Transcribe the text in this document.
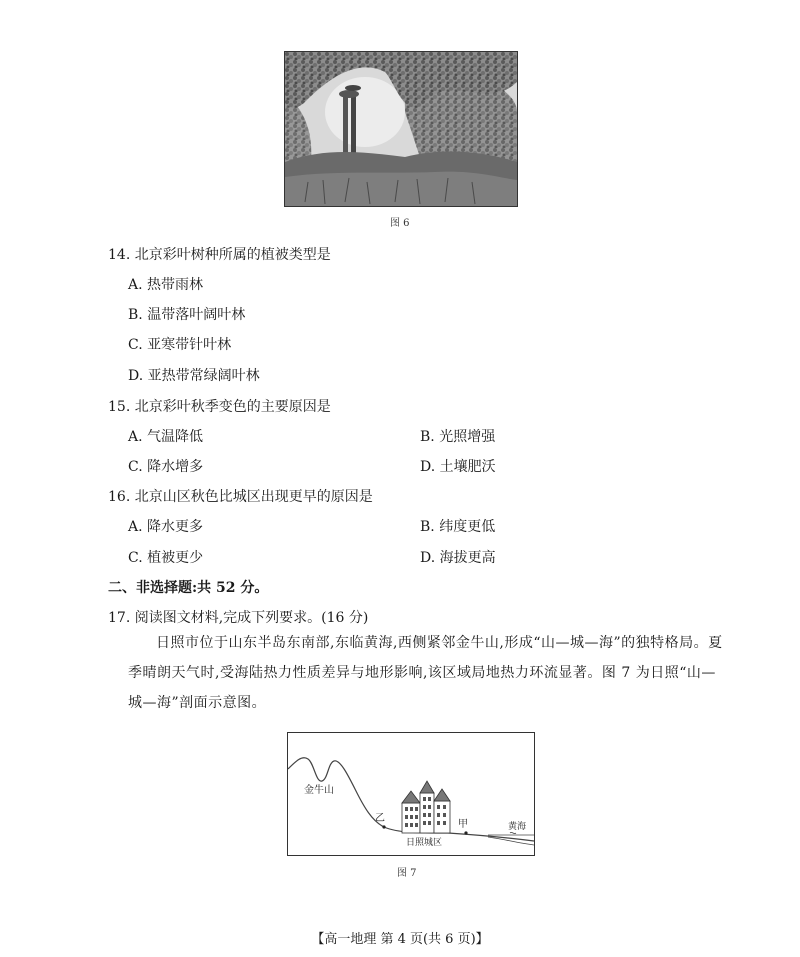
图 6
14. 北京彩叶树种所属的植被类型是
A. 热带雨林
B. 温带落叶阔叶林
C. 亚寒带针叶林
D. 亚热带常绿阔叶林
15. 北京彩叶秋季变色的主要原因是
A. 气温降低	B. 光照增强
C. 降水增多	D. 土壤肥沃
16. 北京山区秋色比城区出现更早的原因是
A. 降水更多	B. 纬度更低
C. 植被更少	D. 海拔更高
二、非选择题:共 52 分。
17. 阅读图文材料,完成下列要求。(16 分)
日照市位于山东半岛东南部,东临黄海,西侧紧邻金牛山,形成“山—城—海”的独特格局。夏季晴朗天气时,受海陆热力性质差异与地形影响,该区域局地热力环流显著。图 7 为日照“山—城—海”剖面示意图。
金牛山
乙
甲
日照城区
黄海
图 7
【高一地理 第 4 页(共 6 页)】
